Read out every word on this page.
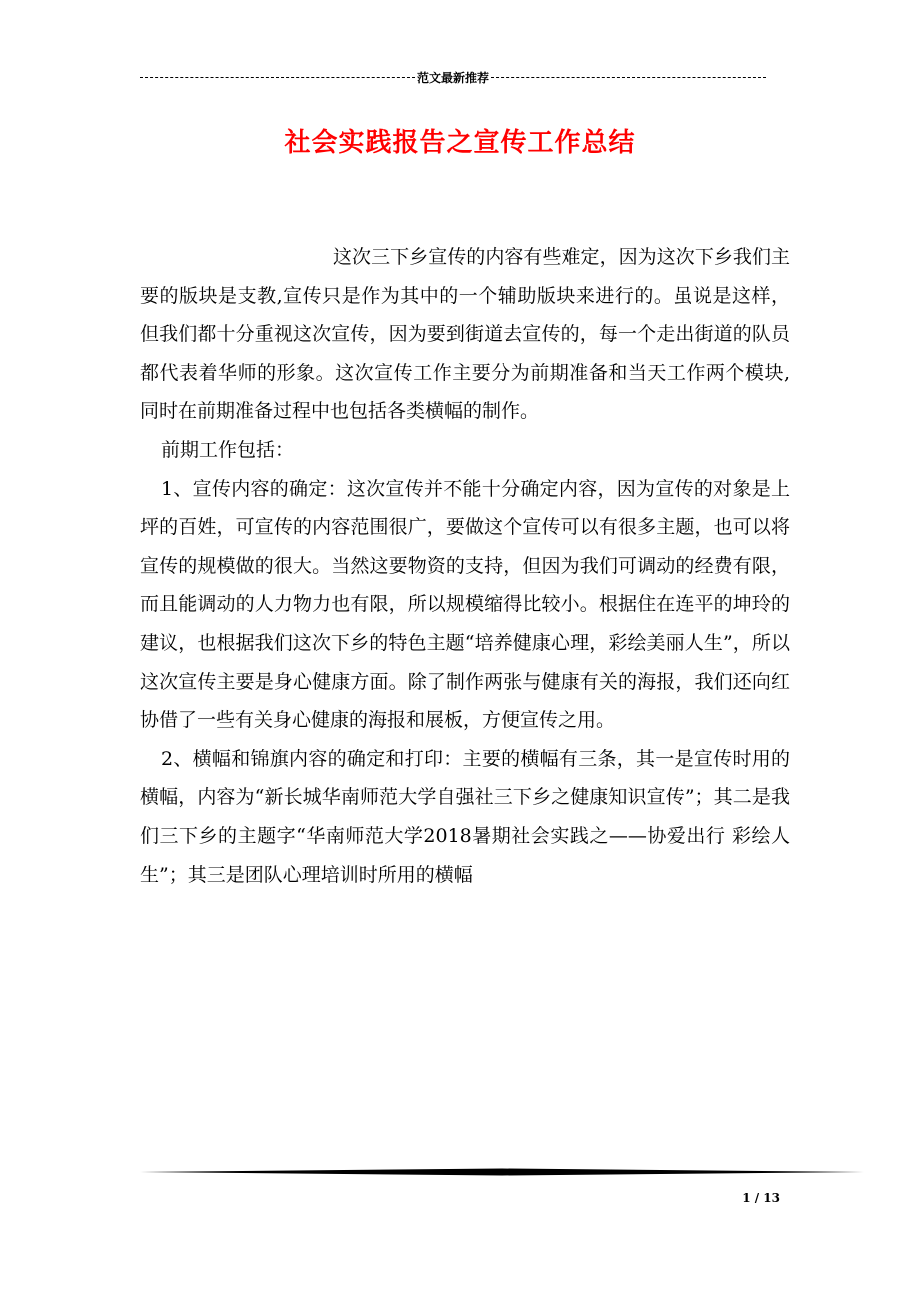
范文最新推荐
社会实践报告之宣传工作总结

这次三下乡宣传的内容有些难定，因为这次下乡我们主要的版块是支教,宣传只是作为其中的一个辅助版块来进行的。虽说是这样，但我们都十分重视这次宣传，因为要到街道去宣传的，每一个走出街道的队员都代表着华师的形象。这次宣传工作主要分为前期准备和当天工作两个模块,同时在前期准备过程中也包括各类横幅的制作。

前期工作包括：

1、宣传内容的确定：这次宣传并不能十分确定内容，因为宣传的对象是上坪的百姓，可宣传的内容范围很广，要做这个宣传可以有很多主题，也可以将宣传的规模做的很大。当然这要物资的支持，但因为我们可调动的经费有限，而且能调动的人力物力也有限，所以规模缩得比较小。根据住在连平的坤玲的建议，也根据我们这次下乡的特色主题“培养健康心理，彩绘美丽人生”，所以这次宣传主要是身心健康方面。除了制作两张与健康有关的海报，我们还向红协借了一些有关身心健康的海报和展板，方便宣传之用。

2、横幅和锦旗内容的确定和打印：主要的横幅有三条，其一是宣传时用的横幅，内容为“新长城华南师范大学自强社三下乡之健康知识宣传”；其二是我们三下乡的主题字“华南师范大学2018暑期社会实践之——协爱出行 彩绘人生”；其三是团队心理培训时所用的横幅

1 / 13
